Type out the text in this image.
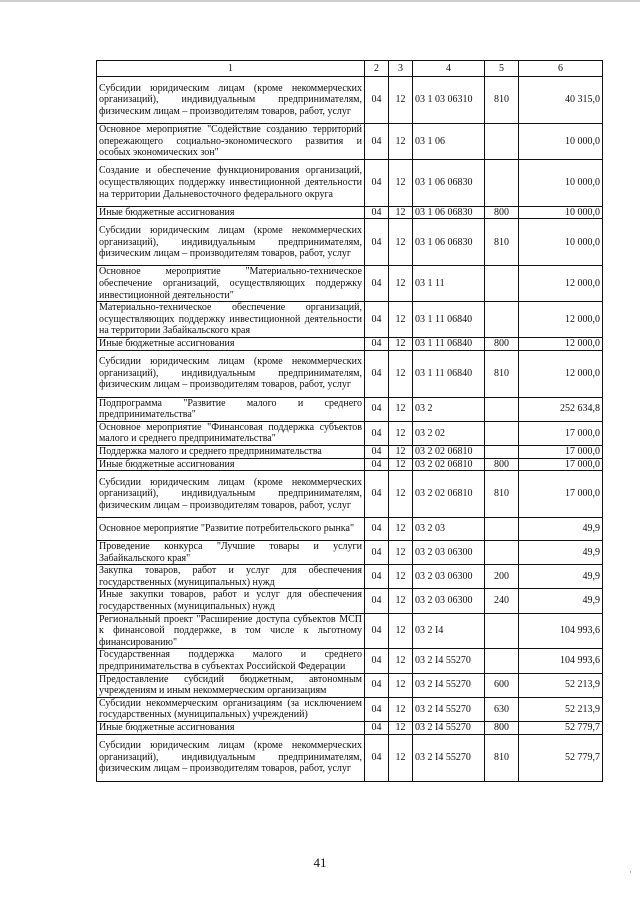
1	2	3	4	5	6
Субсидии юридическим лицам (кроме некоммерческих организаций), индивидуальным предпринимателям, физическим лицам – производителям товаров, работ, услуг	04	12	03 1 03 06310	810	40 315,0
Основное мероприятие "Содействие созданию территорий опережающего социально-экономического развития и особых экономических зон"	04	12	03 1 06		10 000,0
Создание и обеспечение функционирования организаций, осуществляющих поддержку инвестиционной деятельности на территории Дальневосточного федерального округа	04	12	03 1 06 06830		10 000,0
Иные бюджетные ассигнования	04	12	03 1 06 06830	800	10 000,0
Субсидии юридическим лицам (кроме некоммерческих организаций), индивидуальным предпринимателям, физическим лицам – производителям товаров, работ, услуг	04	12	03 1 06 06830	810	10 000,0
Основное мероприятие "Материально-техническое обеспечение организаций, осуществляющих поддержку инвестиционной деятельности"	04	12	03 1 11		12 000,0
Материально-техническое обеспечение организаций, осуществляющих поддержку инвестиционной деятельности на территории Забайкальского края	04	12	03 1 11 06840		12 000,0
Иные бюджетные ассигнования	04	12	03 1 11 06840	800	12 000,0
Субсидии юридическим лицам (кроме некоммерческих организаций), индивидуальным предпринимателям, физическим лицам – производителям товаров, работ, услуг	04	12	03 1 11 06840	810	12 000,0
Подпрограмма "Развитие малого и среднего предпринимательства"	04	12	03 2		252 634,8
Основное мероприятие "Финансовая поддержка субъектов малого и среднего предпринимательства"	04	12	03 2 02		17 000,0
Поддержка малого и среднего предпринимательства	04	12	03 2 02 06810		17 000,0
Иные бюджетные ассигнования	04	12	03 2 02 06810	800	17 000,0
Субсидии юридическим лицам (кроме некоммерческих организаций), индивидуальным предпринимателям, физическим лицам – производителям товаров, работ, услуг	04	12	03 2 02 06810	810	17 000,0
Основное мероприятие "Развитие потребительского рынка"	04	12	03 2 03		49,9
Проведение конкурса "Лучшие товары и услуги Забайкальского края"	04	12	03 2 03 06300		49,9
Закупка товаров, работ и услуг для обеспечения государственных (муниципальных) нужд	04	12	03 2 03 06300	200	49,9
Иные закупки товаров, работ и услуг для обеспечения государственных (муниципальных) нужд	04	12	03 2 03 06300	240	49,9
Региональный проект "Расширение доступа субъектов МСП к финансовой поддержке, в том числе к льготному финансированию"	04	12	03 2 I4		104 993,6
Государственная поддержка малого и среднего предпринимательства в субъектах Российской Федерации	04	12	03 2 I4 55270		104 993,6
Предоставление субсидий бюджетным, автономным учреждениям и иным некоммерческим организациям	04	12	03 2 I4 55270	600	52 213,9
Субсидии некоммерческим организациям (за исключением государственных (муниципальных) учреждений)	04	12	03 2 I4 55270	630	52 213,9
Иные бюджетные ассигнования	04	12	03 2 I4 55270	800	52 779,7
Субсидии юридическим лицам (кроме некоммерческих организаций), индивидуальным предпринимателям, физическим лицам – производителям товаров, работ, услуг	04	12	03 2 I4 55270	810	52 779,7
41
·
